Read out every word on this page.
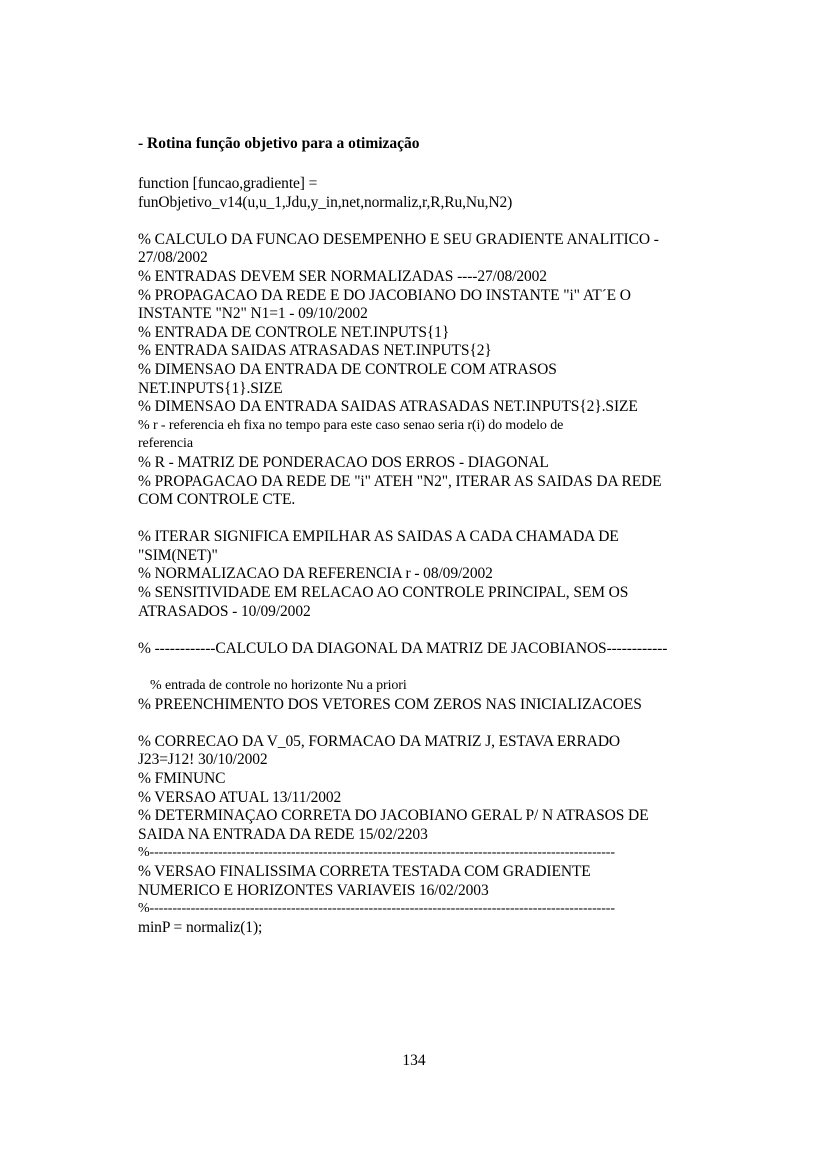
- Rotina função objetivo para a otimização

function [funcao,gradiente] =

funObjetivo_v14(u,u_1,Jdu,y_in,net,normaliz,r,R,Ru,Nu,N2)

% CALCULO DA FUNCAO DESEMPENHO E SEU GRADIENTE ANALITICO -

27/08/2002

% ENTRADAS DEVEM SER NORMALIZADAS ----27/08/2002

% PROPAGACAO DA REDE E DO JACOBIANO DO INSTANTE "i" AT´E O

INSTANTE "N2" N1=1 - 09/10/2002

% ENTRADA DE CONTROLE NET.INPUTS{1}

% ENTRADA SAIDAS ATRASADAS NET.INPUTS{2}

% DIMENSAO DA ENTRADA DE CONTROLE COM ATRASOS

NET.INPUTS{1}.SIZE

% DIMENSAO DA ENTRADA SAIDAS ATRASADAS NET.INPUTS{2}.SIZE

% r - referencia eh fixa no tempo para este caso senao seria r(i) do modelo de

referencia

% R - MATRIZ DE PONDERACAO DOS ERROS - DIAGONAL

% PROPAGACAO DA REDE DE "i" ATEH "N2", ITERAR AS SAIDAS DA REDE

COM CONTROLE CTE.

% ITERAR SIGNIFICA EMPILHAR AS SAIDAS A CADA CHAMADA DE

"SIM(NET)"

% NORMALIZACAO DA REFERENCIA r - 08/09/2002

% SENSITIVIDADE EM RELACAO AO CONTROLE PRINCIPAL, SEM OS

ATRASADOS - 10/09/2002

% ------------CALCULO DA DIAGONAL DA MATRIZ DE JACOBIANOS------------

% entrada de controle no horizonte Nu a priori

% PREENCHIMENTO DOS VETORES COM ZEROS NAS INICIALIZACOES

% CORRECAO DA V_05, FORMACAO DA MATRIZ J, ESTAVA ERRADO

J23=J12! 30/10/2002

% FMINUNC

% VERSAO ATUAL 13/11/2002

% DETERMINAÇAO CORRETA DO JACOBIANO GERAL P/ N ATRASOS DE

SAIDA NA ENTRADA DA REDE 15/02/2203

%------------------------------------------------------------------------------------------------------

% VERSAO FINALISSIMA CORRETA TESTADA COM GRADIENTE

NUMERICO E HORIZONTES VARIAVEIS 16/02/2003

%------------------------------------------------------------------------------------------------------

minP = normaliz(1);

134
